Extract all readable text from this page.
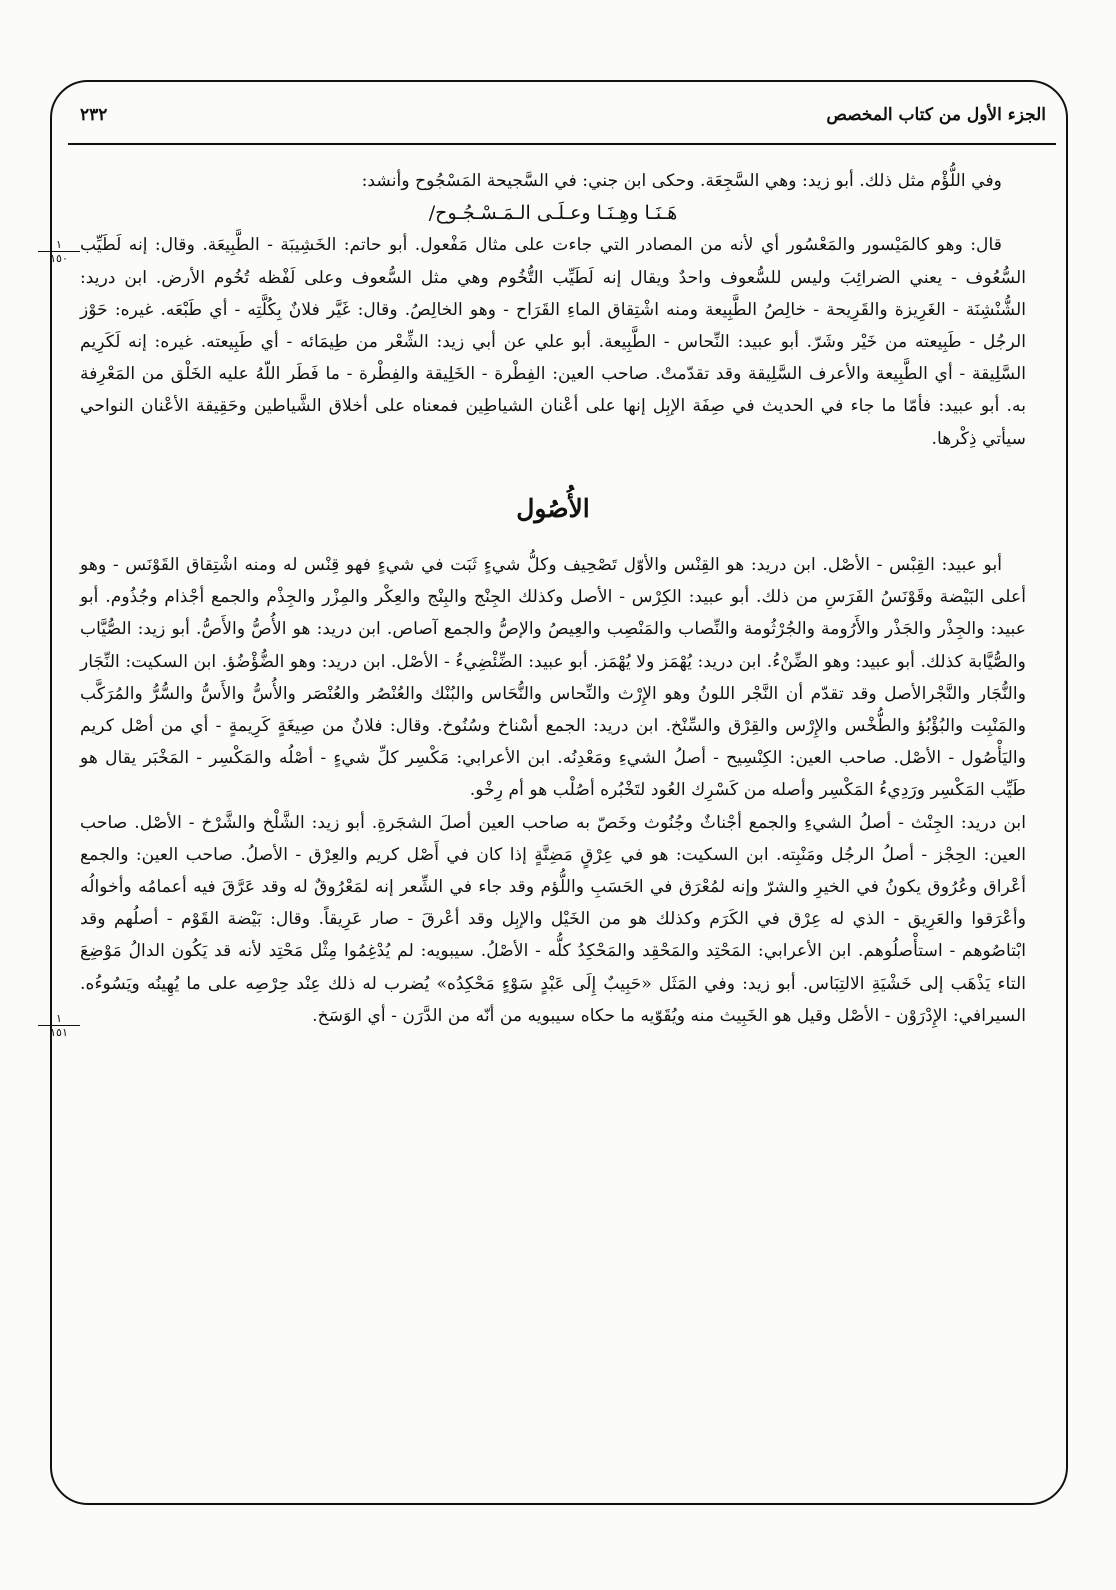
الجزء الأول من كتاب المخصص
٢٣٢
١
١٥٠
١
١٥١

وفي اللُّؤْم مثل ذلك. أبو زيد: وهي السَّجِعَة. وحكى ابن جني: في السَّجيحة المَسْجُوح وأنشد:

هَـنَـا وهِـنَـا وعـلَـى الـمَـسْـجُـوح/

قال: وهو كالمَيْسور والمَعْسُور أي لأنه من المصادر التي جاءت على مثال مَفْعول. أبو حاتم: الخَشِيبَة - الطَّبِيعَة. وقال: إنه لَطَيِّب السُّعُوف - يعني الضرائِبَ وليس للسُّعوف واحدٌ ويقال إنه لَطَيِّب التُّخُوم وهي مثل السُّعوف وعلى لَفْظه تُخُوم الأرض. ابن دريد: الشُّنْشِنَة - الغَرِيزة والقَرِيحة - خالِصُ الطَّبِيعة ومنه اشْتِقاق الماءِ القَرَاح - وهو الخالِصُ. وقال: غَيَّر فلانٌ بِكُلَّتِه - أي طَبْعَه. غيره: حَوْز الرجُل - طَبِيعته من خَيْر وشَرّ. أبو عبيد: النِّحاس - الطَّبِيعة. أبو علي عن أبي زيد: الشِّعْر من طِيمَائه - أي طَبِيعته. غيره: إنه لَكَرِيم السَّلِيقة - أي الطَّبِيعة والأعرف السَّلِيقة وقد تقدّمتْ. صاحب العين: الفِطْرة - الخَلِيقة والفِطْرة - ما فَطَر اللّهُ عليه الخَلْق من المَعْرِفة به. أبو عبيد: فأمّا ما جاء في الحديث في صِفَة الإبِل إنها على أعْنان الشياطِين فمعناه على أخلاق الشَّياطين وحَقِيقة الأعْنان النواحي سيأتي ذِكْرها.

الأُصُول

أبو عبيد: القِبْس - الأصْل. ابن دريد: هو القِنْس والأوّل تَصْحِيف وكلُّ شيءٍ ثَبَت في شيءٍ فهو قِنْس له ومنه اشْتِقاق القَوْنَس - وهو أعلى البَيْضة وقَوْنَسُ الفَرَسِ من ذلك. أبو عبيد: الكِرْس - الأصل وكذلك الجِنْج والبِنْج والعِكْر والمِزْر والجِذْم والجمع أجْذام وجُذُوم. أبو عبيد: والجِذْر والجَذْر والأَرُومة والجُرْثُومة والنِّصاب والمَنْصِب والعِيصُ والإصُّ والجمع آصاص. ابن دريد: هو الأُصُّ والأَصُّ. أبو زيد: الصُّيَّاب والصُّيَّابة كذلك. أبو عبيد: وهو الضِّنْءُ. ابن دريد: يُهْمَز ولا يُهْمَز. أبو عبيد: الضِّئْضِيءُ - الأصْل. ابن دريد: وهو الضُّؤْضُؤ. ابن السكيت: النِّجَار والنُّجَار والنَّجْرالأصل وقد تقدّم أن النَّجْر اللونُ وهو الإِرْث والنِّحاس والنُّحَاس والبُنْك والعُنْصُر والعُنْصَر والأُسُّ والأَسُّ والسُّرُّ والمُرَكَّب والمَنْبِت والبُؤْبُؤ والطُّخْس والإِرْس والقِرْق والسِّنْخ. ابن دريد: الجمع أسْناخ وسُنُوخ. وقال: فلانٌ من صِيغَةٍ كَرِيمةٍ - أي من أصْل كريم واليَأْصُول - الأصْل. صاحب العين: الكِنْسِيح - أصلُ الشيءِ ومَعْدِنُه. ابن الأعرابي: مَكْسِر كلِّ شيءٍ - أصْلُه والمَكْسِر - المَخْبَر يقال هو طَيِّب المَكْسِر ورَدِيءُ المَكْسِر وأصله من كَسْرِك العُود لتَخْبُره أصُلْب هو أم رِخْو.

ابن دريد: الجِنْث - أصلُ الشيءِ والجمع أجْناثٌ وجُنُوث وخَصّ به صاحب العين أصلَ الشجَرةِ. أبو زيد: الشَّلْخ والشَّرْخ - الأصْل. صاحب العين: الحِجْز - أصلُ الرجُل ومَنْبِته. ابن السكيت: هو في عِرْقٍ مَضِنَّةٍ إذا كان في أَصْل كريم والعِرْق - الأصلُ. صاحب العين: والجمع أعْراق وعُرُوق يكونُ في الخيرِ والشرّ وإنه لمُعْرَق في الحَسَبِ واللُّؤم وقد جاء في الشِّعر إنه لمَعْرُوقٌ له وقد عَرَّقَ فيه أعمامُه وأخوالُه وأعْرَقوا والعَرِيق - الذي له عِرْق في الكَرَم وكذلك هو من الخَيْل والإبِل وقد أعْرقَ - صار عَرِيقاً. وقال: بَيْضة القَوْم - أصلُهم وقد ابْتاصُوهم - استأْصلُوهم. ابن الأعرابي: المَحْتِد والمَحْقِد والمَحْكِدُ كلُّه - الأصْلُ. سيبويه: لم يُدْغِمُوا مِثْل مَحْتِد لأنه قد يَكُون الدالُ مَوْضِعَ التاء يَذْهَب إلى خَشْيَةِ الالتِبَاس. أبو زيد: وفي المَثَل «حَبِيبٌ إِلَى عَبْدٍ سَوْءٍ مَحْكِدُه» يُضرب له ذلك عِنْد حِرْصِه على ما يُهِينُه ويَسُوءُه. السيرافي: الإِدْرَوْن - الأصْل وقيل هو الخَبِيث منه ويُقَوّيه ما حكاه سيبويه من أنّه من الدَّرَن - أي الوَسَخ.
